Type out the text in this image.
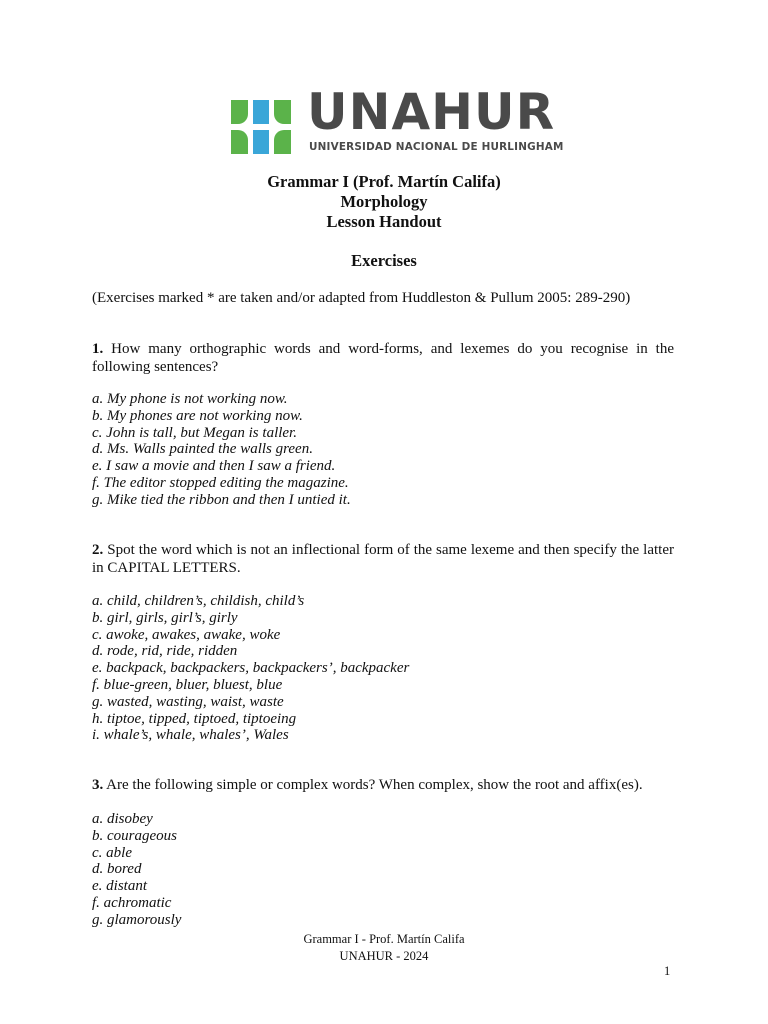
UNAHUR
UNIVERSIDAD NACIONAL DE HURLINGHAM
Grammar I (Prof. Martín Califa)
Morphology
Lesson Handout
Exercises
(Exercises marked * are taken and/or adapted from Huddleston & Pullum 2005: 289-290)
1. How many orthographic words and word-forms, and lexemes do you recognise in the following sentences?
a. My phone is not working now.
b. My phones are not working now.
c. John is tall, but Megan is taller.
d. Ms. Walls painted the walls green.
e. I saw a movie and then I saw a friend.
f. The editor stopped editing the magazine.
g. Mike tied the ribbon and then I untied it.
2. Spot the word which is not an inflectional form of the same lexeme and then specify the latter in CAPITAL LETTERS.
a. child, children’s, childish, child’s
b. girl, girls, girl’s, girly
c. awoke, awakes, awake, woke
d. rode, rid, ride, ridden
e. backpack, backpackers, backpackers’, backpacker
f. blue-green, bluer, bluest, blue
g. wasted, wasting, waist, waste
h. tiptoe, tipped, tiptoed, tiptoeing
i. whale’s, whale, whales’, Wales
3. Are the following simple or complex words? When complex, show the root and affix(es).
a. disobey
b. courageous
c. able
d. bored
e. distant
f. achromatic
g. glamorously
Grammar I - Prof. Martín Califa
UNAHUR - 2024
1
